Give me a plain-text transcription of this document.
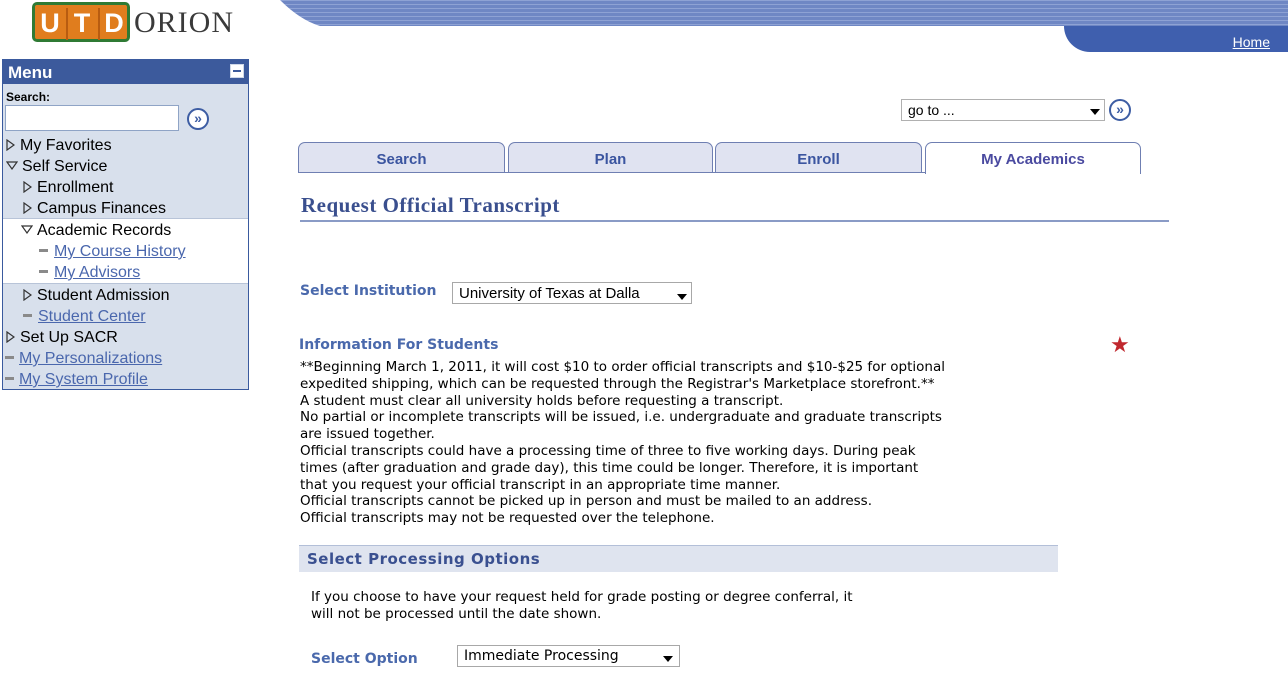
U T D ORION
Home
Menu
Search:
»
My Favorites
Self Service
Enrollment
Campus Finances
Academic Records
My Course History
My Advisors
Student Admission
Student Center
Set Up SACR
My Personalizations
My System Profile
go to ...	»
Search	Plan	Enroll	My Academics
Request Official Transcript
Select Institution	University of Texas at Dalla
Information For Students	★
**Beginning March 1, 2011, it will cost $10 to order official transcripts and $10-$25 for optional
expedited shipping, which can be requested through the Registrar's Marketplace storefront.**
A student must clear all university holds before requesting a transcript.
No partial or incomplete transcripts will be issued, i.e. undergraduate and graduate transcripts
are issued together.
Official transcripts could have a processing time of three to five working days. During peak
times (after graduation and grade day), this time could be longer. Therefore, it is important
that you request your official transcript in an appropriate time manner.
Official transcripts cannot be picked up in person and must be mailed to an address.
Official transcripts may not be requested over the telephone.
Select Processing Options
If you choose to have your request held for grade posting or degree conferral, it
will not be processed until the date shown.
Select Option	Immediate Processing
